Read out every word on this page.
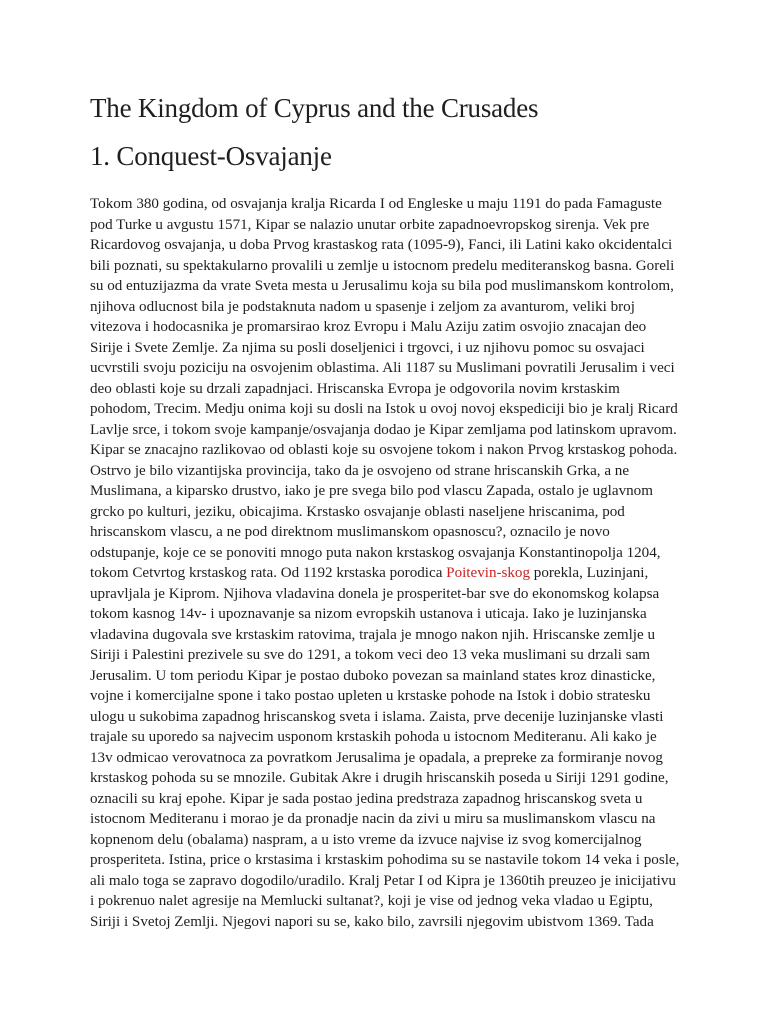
The Kingdom of Cyprus and the Crusades
1. Conquest-Osvajanje
Tokom 380 godina, od osvajanja kralja Ricarda I od Engleske u maju 1191 do pada Famaguste
pod Turke u avgustu 1571, Kipar se nalazio unutar orbite zapadnoevropskog sirenja. Vek pre
Ricardovog osvajanja, u doba Prvog krastaskog rata (1095-9), Fanci, ili Latini kako okcidentalci
bili poznati, su spektakularno provalili u zemlje u istocnom predelu mediteranskog basna. Goreli
su od entuzijazma da vrate Sveta mesta u Jerusalimu koja su bila pod muslimanskom kontrolom,
njihova odlucnost bila je podstaknuta nadom u spasenje i zeljom za avanturom, veliki broj
vitezova i hodocasnika je promarsirao kroz Evropu i Malu Aziju zatim osvojio znacajan deo
Sirije i Svete Zemlje. Za njima su posli doseljenici i trgovci, i uz njihovu pomoc su osvajaci
ucvrstili svoju poziciju na osvojenim oblastima. Ali 1187 su Muslimani povratili Jerusalim i veci
deo oblasti koje su drzali zapadnjaci. Hriscanska Evropa je odgovorila novim krstaskim
pohodom, Trecim. Medju onima koji su dosli na Istok u ovoj novoj ekspediciji bio je kralj Ricard
Lavlje srce, i tokom svoje kampanje/osvajanja dodao je Kipar zemljama pod latinskom upravom.
Kipar se znacajno razlikovao od oblasti koje su osvojene tokom i nakon Prvog krstaskog pohoda.
Ostrvo je bilo vizantijska provincija, tako da je osvojeno od strane hriscanskih Grka, a ne
Muslimana, a kiparsko drustvo, iako je pre svega bilo pod vlascu Zapada, ostalo je uglavnom
grcko po kulturi, jeziku, obicajima. Krstasko osvajanje oblasti naseljene hriscanima, pod
hriscanskom vlascu, a ne pod direktnom muslimanskom opasnoscu?, oznacilo je novo
odstupanje, koje ce se ponoviti mnogo puta nakon krstaskog osvajanja Konstantinopolja 1204,
tokom Cetvrtog krstaskog rata. Od 1192 krstaska porodica Poitevin-skog porekla, Luzinjani,
upravljala je Kiprom. Njihova vladavina donela je prosperitet-bar sve do ekonomskog kolapsa
tokom kasnog 14v- i upoznavanje sa nizom evropskih ustanova i uticaja. Iako je luzinjanska
vladavina dugovala sve krstaskim ratovima, trajala je mnogo nakon njih. Hriscanske zemlje u
Siriji i Palestini prezivele su sve do 1291, a tokom veci deo 13 veka muslimani su drzali sam
Jerusalim. U tom periodu Kipar je postao duboko povezan sa mainland states kroz dinasticke,
vojne i komercijalne spone i tako postao upleten u krstaske pohode na Istok i dobio stratesku
ulogu u sukobima zapadnog hriscanskog sveta i islama. Zaista, prve decenije luzinjanske vlasti
trajale su uporedo sa najvecim usponom krstaskih pohoda u istocnom Mediteranu. Ali kako je
13v odmicao verovatnoca za povratkom Jerusalima je opadala, a prepreke za formiranje novog
krstaskog pohoda su se mnozile. Gubitak Akre i drugih hriscanskih poseda u Siriji 1291 godine,
oznacili su kraj epohe. Kipar je sada postao jedina predstraza zapadnog hriscanskog sveta u
istocnom Mediteranu i morao je da pronadje nacin da zivi u miru sa muslimanskom vlascu na
kopnenom delu (obalama) naspram, a u isto vreme da izvuce najvise iz svog komercijalnog
prosperiteta. Istina, price o krstasima i krstaskim pohodima su se nastavile tokom 14 veka i posle,
ali malo toga se zapravo dogodilo/uradilo. Kralj Petar I od Kipra je 1360tih preuzeo je inicijativu
i pokrenuo nalet agresije na Memlucki sultanat?, koji je vise od jednog veka vladao u Egiptu,
Siriji i Svetoj Zemlji. Njegovi napori su se, kako bilo, zavrsili njegovim ubistvom 1369. Tada
